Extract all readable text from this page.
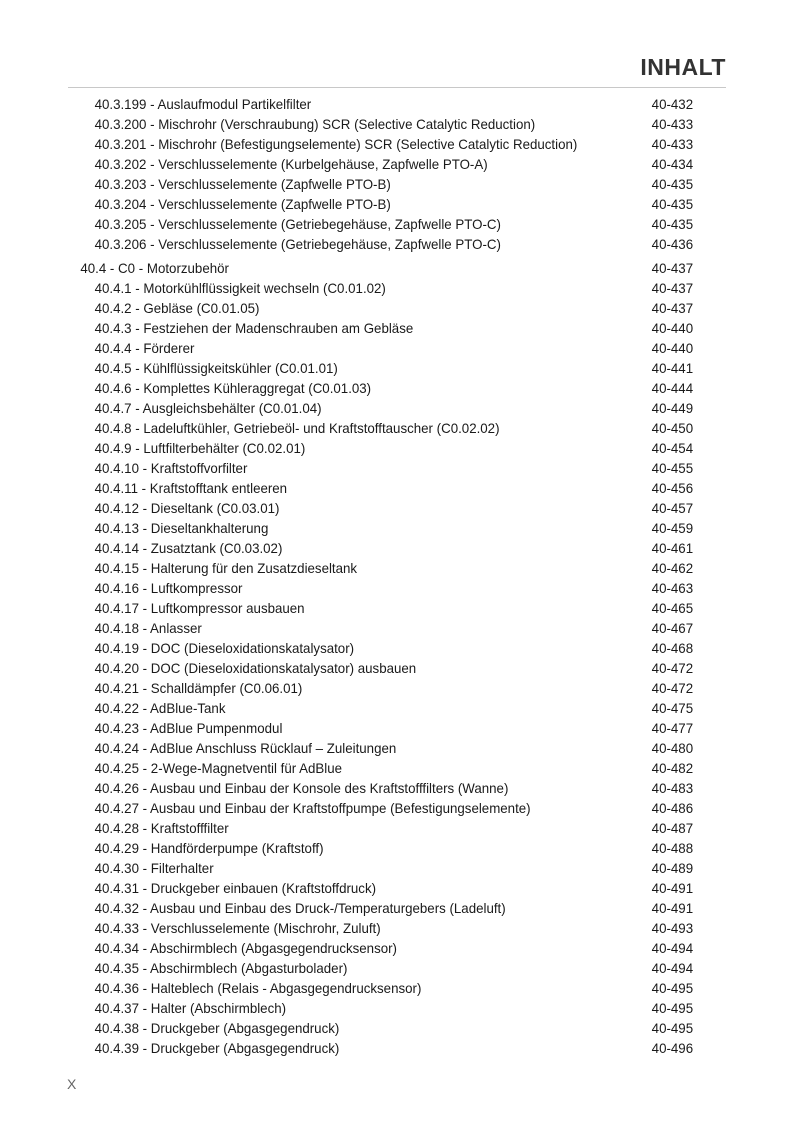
INHALT
40.3.199 - Auslaufmodul Partikelfilter	40-432
40.3.200 - Mischrohr (Verschraubung) SCR (Selective Catalytic Reduction)	40-433
40.3.201 - Mischrohr (Befestigungselemente) SCR (Selective Catalytic Reduction)	40-433
40.3.202 - Verschlusselemente (Kurbelgehäuse, Zapfwelle PTO-A)	40-434
40.3.203 - Verschlusselemente (Zapfwelle PTO-B)	40-435
40.3.204 - Verschlusselemente (Zapfwelle PTO-B)	40-435
40.3.205 - Verschlusselemente (Getriebegehäuse, Zapfwelle PTO-C)	40-435
40.3.206 - Verschlusselemente (Getriebegehäuse, Zapfwelle PTO-C)	40-436
40.4 - C0 - Motorzubehör	40-437
40.4.1 - Motorkühlflüssigkeit wechseln (C0.01.02)	40-437
40.4.2 - Gebläse (C0.01.05)	40-437
40.4.3 - Festziehen der Madenschrauben am Gebläse	40-440
40.4.4 - Förderer	40-440
40.4.5 - Kühlflüssigkeitskühler (C0.01.01)	40-441
40.4.6 - Komplettes Kühleraggregat (C0.01.03)	40-444
40.4.7 - Ausgleichsbehälter (C0.01.04)	40-449
40.4.8 - Ladeluftkühler, Getriebeöl- und Kraftstofftauscher (C0.02.02)	40-450
40.4.9 - Luftfilterbehälter (C0.02.01)	40-454
40.4.10 - Kraftstoffvorfilter	40-455
40.4.11 - Kraftstofftank entleeren	40-456
40.4.12 - Dieseltank (C0.03.01)	40-457
40.4.13 - Dieseltankhalterung	40-459
40.4.14 - Zusatztank (C0.03.02)	40-461
40.4.15 - Halterung für den Zusatzdieseltank	40-462
40.4.16 - Luftkompressor	40-463
40.4.17 - Luftkompressor ausbauen	40-465
40.4.18 - Anlasser	40-467
40.4.19 - DOC (Dieseloxidationskatalysator)	40-468
40.4.20 - DOC (Dieseloxidationskatalysator) ausbauen	40-472
40.4.21 - Schalldämpfer (C0.06.01)	40-472
40.4.22 - AdBlue-Tank	40-475
40.4.23 - AdBlue Pumpenmodul	40-477
40.4.24 - AdBlue Anschluss Rücklauf – Zuleitungen	40-480
40.4.25 - 2-Wege-Magnetventil für AdBlue	40-482
40.4.26 - Ausbau und Einbau der Konsole des Kraftstofffilters (Wanne)	40-483
40.4.27 - Ausbau und Einbau der Kraftstoffpumpe (Befestigungselemente)	40-486
40.4.28 - Kraftstofffilter	40-487
40.4.29 - Handförderpumpe (Kraftstoff)	40-488
40.4.30 - Filterhalter	40-489
40.4.31 - Druckgeber einbauen (Kraftstoffdruck)	40-491
40.4.32 - Ausbau und Einbau des Druck-/Temperaturgebers (Ladeluft)	40-491
40.4.33 - Verschlusselemente (Mischrohr, Zuluft)	40-493
40.4.34 - Abschirmblech (Abgasgegendrucksensor)	40-494
40.4.35 - Abschirmblech (Abgasturbolader)	40-494
40.4.36 - Halteblech (Relais - Abgasgegendrucksensor)	40-495
40.4.37 - Halter (Abschirmblech)	40-495
40.4.38 - Druckgeber (Abgasgegendruck)	40-495
40.4.39 - Druckgeber (Abgasgegendruck)	40-496
X
